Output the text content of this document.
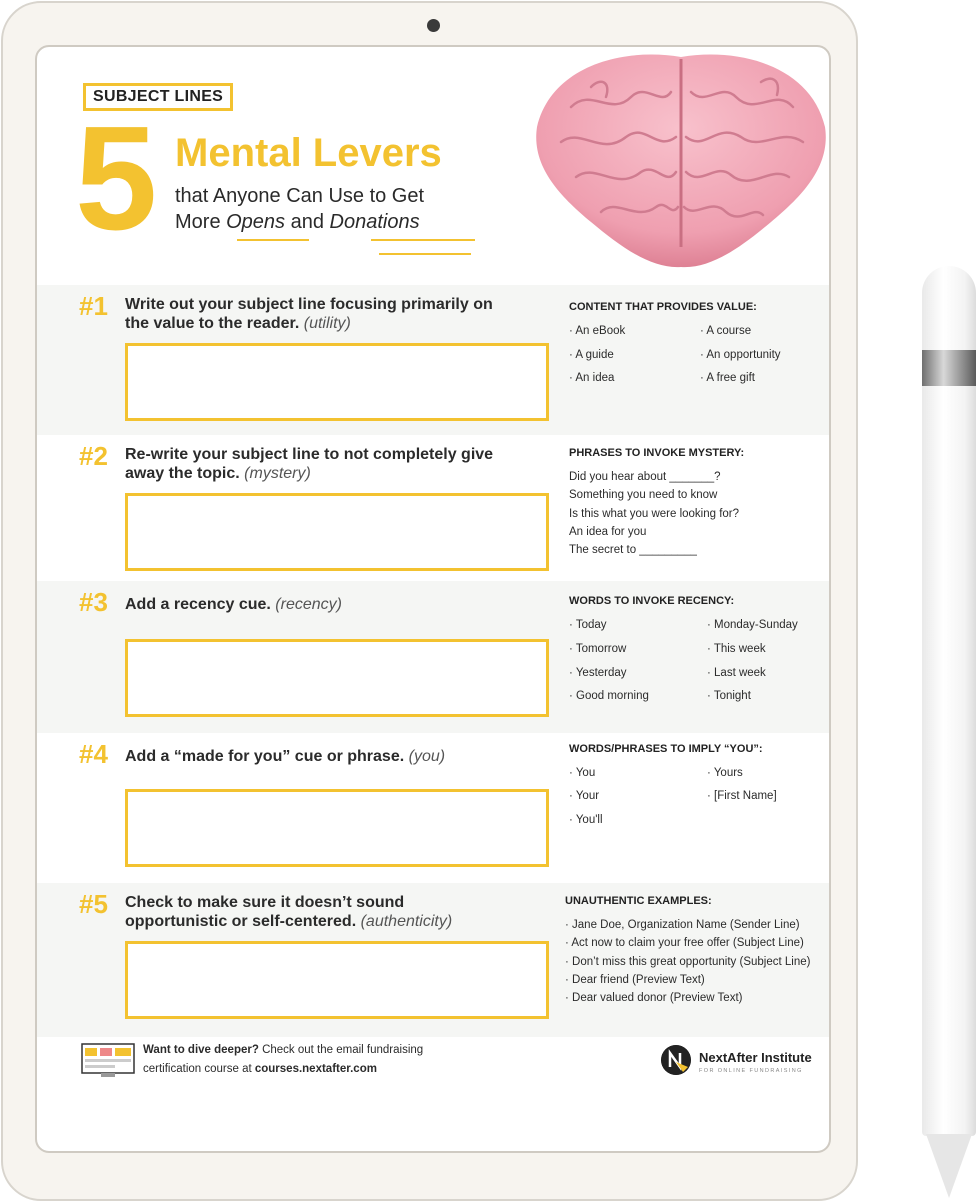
SUBJECT LINES
5 Mental Levers
that Anyone Can Use to Get
More Opens and Donations
#1 Write out your subject line focusing primarily on the value to the reader. (utility)
CONTENT THAT PROVIDES VALUE:
· An eBook	· A course
· A guide	· An opportunity
· An idea	· A free gift
#2 Re-write your subject line to not completely give away the topic. (mystery)
PHRASES TO INVOKE MYSTERY:
Did you hear about _______?
Something you need to know
Is this what you were looking for?
An idea for you
The secret to _________
#3 Add a recency cue. (recency)	WORDS TO INVOKE RECENCY:
· Today	· Monday-Sunday
· Tomorrow	· This week
· Yesterday	· Last week
· Good morning	· Tonight
#4 Add a “made for you” cue or phrase. (you)	WORDS/PHRASES TO IMPLY “YOU”:
· You	· Yours
· Your	· [First Name]
· You'll
#5 Check to make sure it doesn’t sound opportunistic or self-centered. (authenticity)
UNAUTHENTIC EXAMPLES:
· Jane Doe, Organization Name (Sender Line)
· Act now to claim your free offer (Subject Line)
· Don’t miss this great opportunity (Subject Line)
· Dear friend (Preview Text)
· Dear valued donor (Preview Text)
Want to dive deeper? Check out the email fundraising
certification course at courses.nextafter.com
NextAfter Institute
FOR ONLINE FUNDRAISING
